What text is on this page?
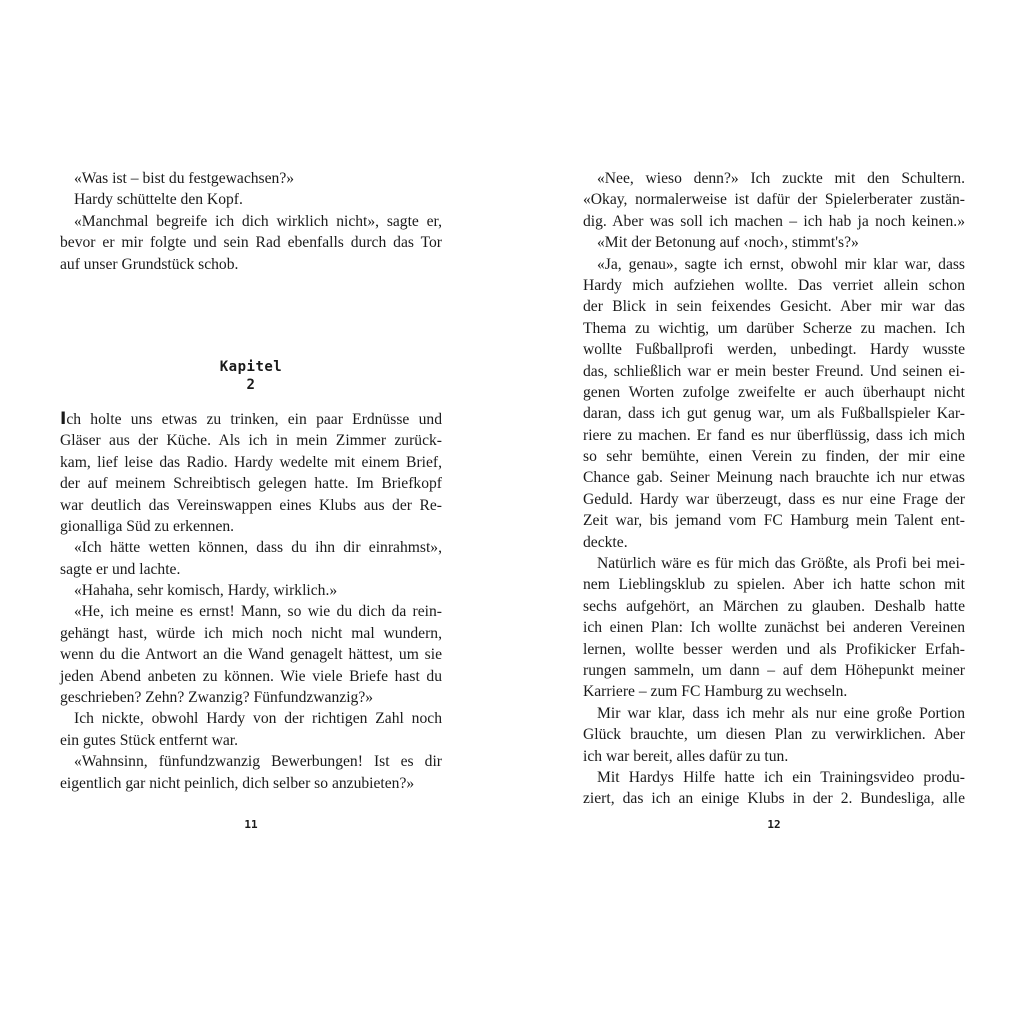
«Was ist – bist du festgewachsen?»
Hardy schüttelte den Kopf.
«Manchmal begreife ich dich wirklich nicht», sagte er,
bevor er mir folgte und sein Rad ebenfalls durch das Tor
auf unser Grundstück schob.
Kapitel
2
Ich holte uns etwas zu trinken, ein paar Erdnüsse und
Gläser aus der Küche. Als ich in mein Zimmer zurück-
kam, lief leise das Radio. Hardy wedelte mit einem Brief,
der auf meinem Schreibtisch gelegen hatte. Im Briefkopf
war deutlich das Vereinswappen eines Klubs aus der Re-
gionalliga Süd zu erkennen.
«Ich hätte wetten können, dass du ihn dir einrahmst»,
sagte er und lachte.
«Hahaha, sehr komisch, Hardy, wirklich.»
«He, ich meine es ernst! Mann, so wie du dich da rein-
gehängt hast, würde ich mich noch nicht mal wundern,
wenn du die Antwort an die Wand genagelt hättest, um sie
jeden Abend anbeten zu können. Wie viele Briefe hast du
geschrieben? Zehn? Zwanzig? Fünfundzwanzig?»
Ich nickte, obwohl Hardy von der richtigen Zahl noch
ein gutes Stück entfernt war.
«Wahnsinn, fünfundzwanzig Bewerbungen! Ist es dir
eigentlich gar nicht peinlich, dich selber so anzubieten?»
11
«Nee, wieso denn?» Ich zuckte mit den Schultern.
«Okay, normalerweise ist dafür der Spielerberater zustän-
dig. Aber was soll ich machen – ich hab ja noch keinen.»
«Mit der Betonung auf ‹noch›, stimmt's?»
«Ja, genau», sagte ich ernst, obwohl mir klar war, dass
Hardy mich aufziehen wollte. Das verriet allein schon
der Blick in sein feixendes Gesicht. Aber mir war das
Thema zu wichtig, um darüber Scherze zu machen. Ich
wollte Fußballprofi werden, unbedingt. Hardy wusste
das, schließlich war er mein bester Freund. Und seinen ei-
genen Worten zufolge zweifelte er auch überhaupt nicht
daran, dass ich gut genug war, um als Fußballspieler Kar-
riere zu machen. Er fand es nur überflüssig, dass ich mich
so sehr bemühte, einen Verein zu finden, der mir eine
Chance gab. Seiner Meinung nach brauchte ich nur etwas
Geduld. Hardy war überzeugt, dass es nur eine Frage der
Zeit war, bis jemand vom FC Hamburg mein Talent ent-
deckte.
Natürlich wäre es für mich das Größte, als Profi bei mei-
nem Lieblingsklub zu spielen. Aber ich hatte schon mit
sechs aufgehört, an Märchen zu glauben. Deshalb hatte
ich einen Plan: Ich wollte zunächst bei anderen Vereinen
lernen, wollte besser werden und als Profikicker Erfah-
rungen sammeln, um dann – auf dem Höhepunkt meiner
Karriere – zum FC Hamburg zu wechseln.
Mir war klar, dass ich mehr als nur eine große Portion
Glück brauchte, um diesen Plan zu verwirklichen. Aber
ich war bereit, alles dafür zu tun.
Mit Hardys Hilfe hatte ich ein Trainingsvideo produ-
ziert, das ich an einige Klubs in der 2. Bundesliga, alle
12
